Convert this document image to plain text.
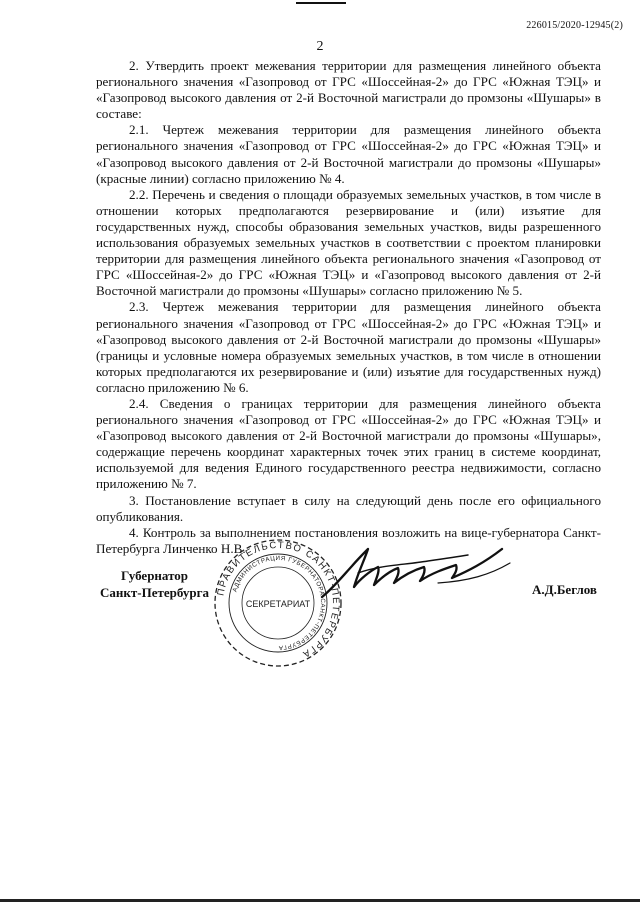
226015/2020-12945(2)
2

2. Утвердить проект межевания территории для размещения линейного объекта регионального значения «Газопровод от ГРС «Шоссейная-2» до ГРС «Южная ТЭЦ» и «Газопровод высокого давления от 2-й Восточной магистрали до промзоны «Шушары» в составе:

2.1. Чертеж межевания территории для размещения линейного объекта регионального значения «Газопровод от ГРС «Шоссейная-2» до ГРС «Южная ТЭЦ» и «Газопровод высокого давления от 2-й Восточной магистрали до промзоны «Шушары» (красные линии) согласно приложению № 4.

2.2. Перечень и сведения о площади образуемых земельных участков, в том числе в отношении которых предполагаются резервирование и (или) изъятие для государственных нужд, способы образования земельных участков, виды разрешенного использования образуемых земельных участков в соответствии с проектом планировки территории для размещения линейного объекта регионального значения «Газопровод от ГРС «Шоссейная-2» до ГРС «Южная ТЭЦ» и «Газопровод высокого давления от 2-й Восточной магистрали до промзоны «Шушары» согласно приложению № 5.

2.3. Чертеж межевания территории для размещения линейного объекта регионального значения «Газопровод от ГРС «Шоссейная-2» до ГРС «Южная ТЭЦ» и «Газопровод высокого давления от 2-й Восточной магистрали до промзоны «Шушары» (границы и условные номера образуемых земельных участков, в том числе в отношении которых предполагаются их резервирование и (или) изъятие для государственных нужд) согласно приложению № 6.

2.4. Сведения о границах территории для размещения линейного объекта регионального значения «Газопровод от ГРС «Шоссейная-2» до ГРС «Южная ТЭЦ» и «Газопровод высокого давления от 2-й Восточной магистрали до промзоны «Шушары», содержащие перечень координат характерных точек этих границ в системе координат, используемой для ведения Единого государственного реестра недвижимости, согласно приложению № 7.

3. Постановление вступает в силу на следующий день после его официального опубликования.

4. Контроль за выполнением постановления возложить на вице-губернатора Санкт-Петербурга Линченко Н.В.

Губернатор
Санкт-Петербурга ПРАВИТЕЛЬСТВО САНКТ-ПЕТЕРБУРГА
АДМИНИСТРАЦИЯ ГУБЕРНАТОРА САНКТ-ПЕТЕРБУРГА
СЕКРЕТАРИАТ
А.Д.Беглов
